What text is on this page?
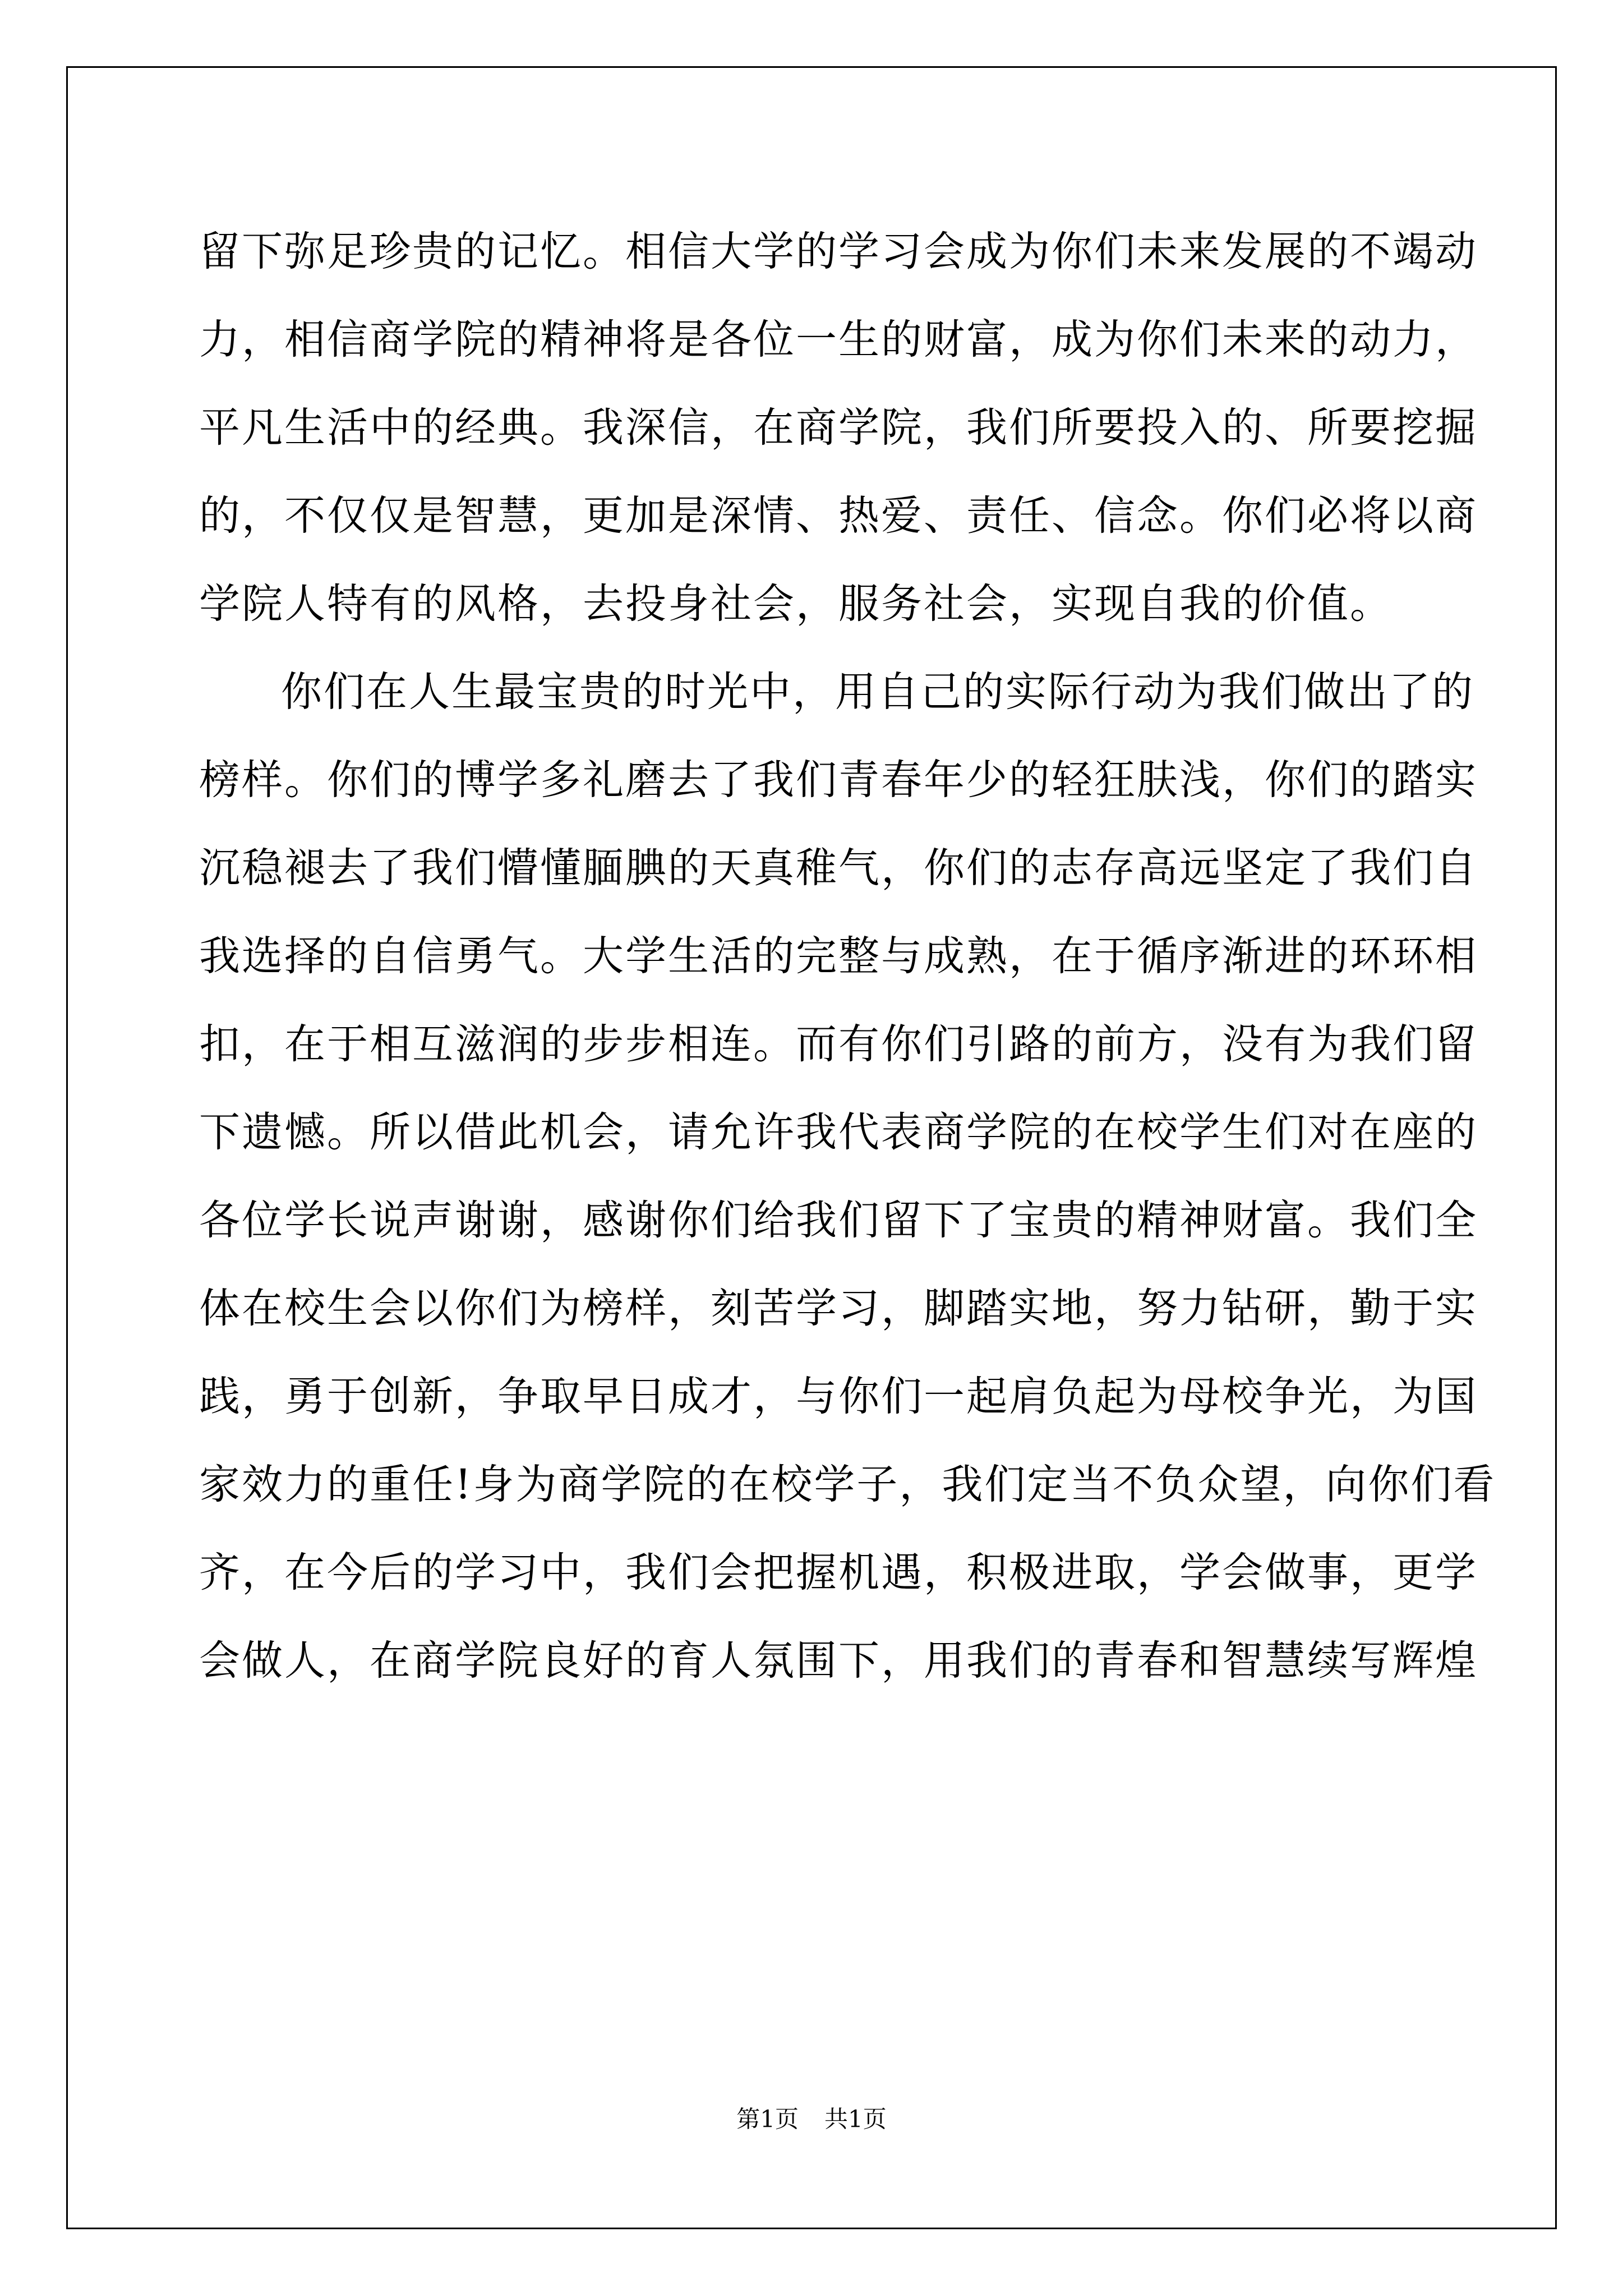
留下弥足珍贵的记忆。相信大学的学习会成为你们未来发展的不竭动
力，相信商学院的精神将是各位一生的财富，成为你们未来的动力，
平凡生活中的经典。我深信，在商学院，我们所要投入的、所要挖掘
的，不仅仅是智慧，更加是深情、热爱、责任、信念。你们必将以商
学院人特有的风格，去投身社会，服务社会，实现自我的价值。
你们在人生最宝贵的时光中，用自己的实际行动为我们做出了的
榜样。你们的博学多礼磨去了我们青春年少的轻狂肤浅，你们的踏实
沉稳褪去了我们懵懂腼腆的天真稚气，你们的志存高远坚定了我们自
我选择的自信勇气。大学生活的完整与成熟，在于循序渐进的环环相
扣，在于相互滋润的步步相连。而有你们引路的前方，没有为我们留
下遗憾。所以借此机会，请允许我代表商学院的在校学生们对在座的
各位学长说声谢谢，感谢你们给我们留下了宝贵的精神财富。我们全
体在校生会以你们为榜样，刻苦学习，脚踏实地，努力钻研，勤于实
践，勇于创新，争取早日成才，与你们一起肩负起为母校争光，为国
家效力的重任!身为商学院的在校学子，我们定当不负众望，向你们看
齐，在今后的学习中，我们会把握机遇，积极进取，学会做事，更学
会做人，在商学院良好的育人氛围下，用我们的青春和智慧续写辉煌
第1页 共1页
